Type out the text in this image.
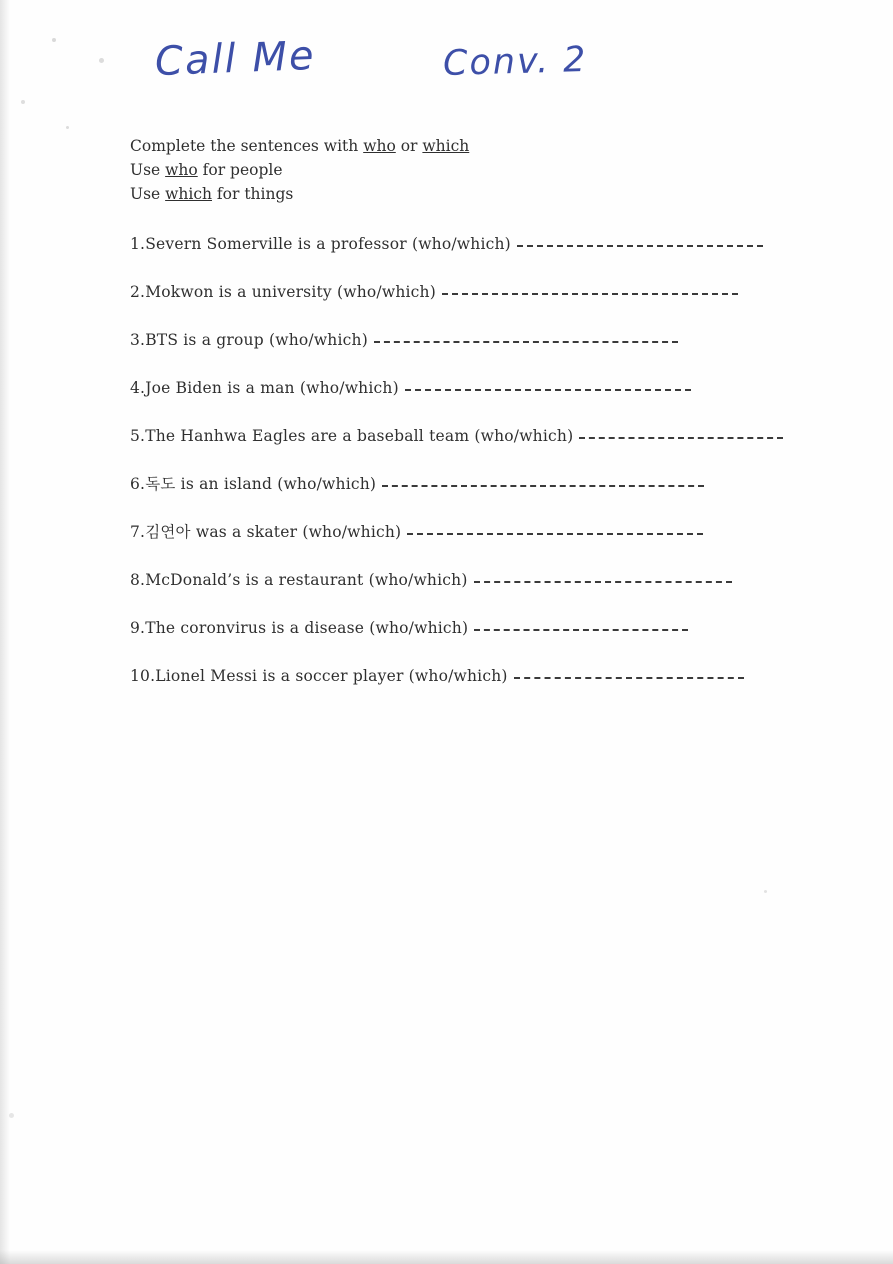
Call Me	Conv. 2
Complete the sentences with who or which
Use who for people
Use which for things
1.Severn Somerville is a professor (who/which)
2.Mokwon is a university (who/which)
3.BTS is a group (who/which)
4.Joe Biden is a man (who/which)
5.The Hanhwa Eagles are a baseball team (who/which)
6.독도 is an island (who/which)
7.김연아 was a skater (who/which)
8.McDonald’s is a restaurant (who/which)
9.The coronvirus is a disease (who/which)
10.Lionel Messi is a soccer player (who/which)
